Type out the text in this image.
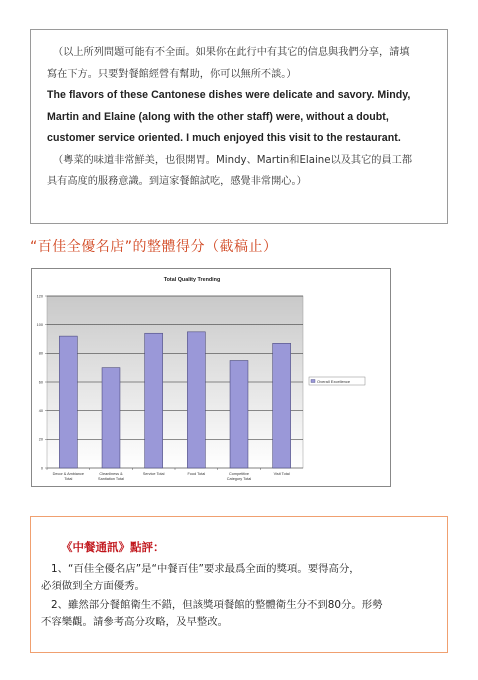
（以上所列問題可能有不全面。如果你在此行中有其它的信息與我們分享，請填

寫在下方。只要對餐館經營有幫助，你可以無所不談。）

The flavors of these Cantonese dishes were delicate and savory. Mindy,

Martin and Elaine (along with the other staff) were, without a doubt,

customer service oriented. I much enjoyed this visit to the restaurant.

（粵菜的味道非常鮮美，也很開胃。Mindy、Martin和Elaine以及其它的員工都

具有高度的服務意識。到這家餐館試吃，感覺非常開心。）

“百佳全優名店”的整體得分（截稿止）
Total Quality Trending
0
20
40
60
80
100
120
Decor & Ambiance
Total
Cleanliness &
Sanitation Total
Service Total	Food Total	Competitive
Category Total
Visit Total
Overall Excellence
《中餐通訊》點評：

1、“百佳全優名店”是“中餐百佳”要求最爲全面的獎項。要得高分，

必須做到全方面優秀。

2、雖然部分餐館衛生不錯，但該獎項餐館的整體衛生分不到80分。形勢

不容樂觀。請參考高分攻略，及早整改。
